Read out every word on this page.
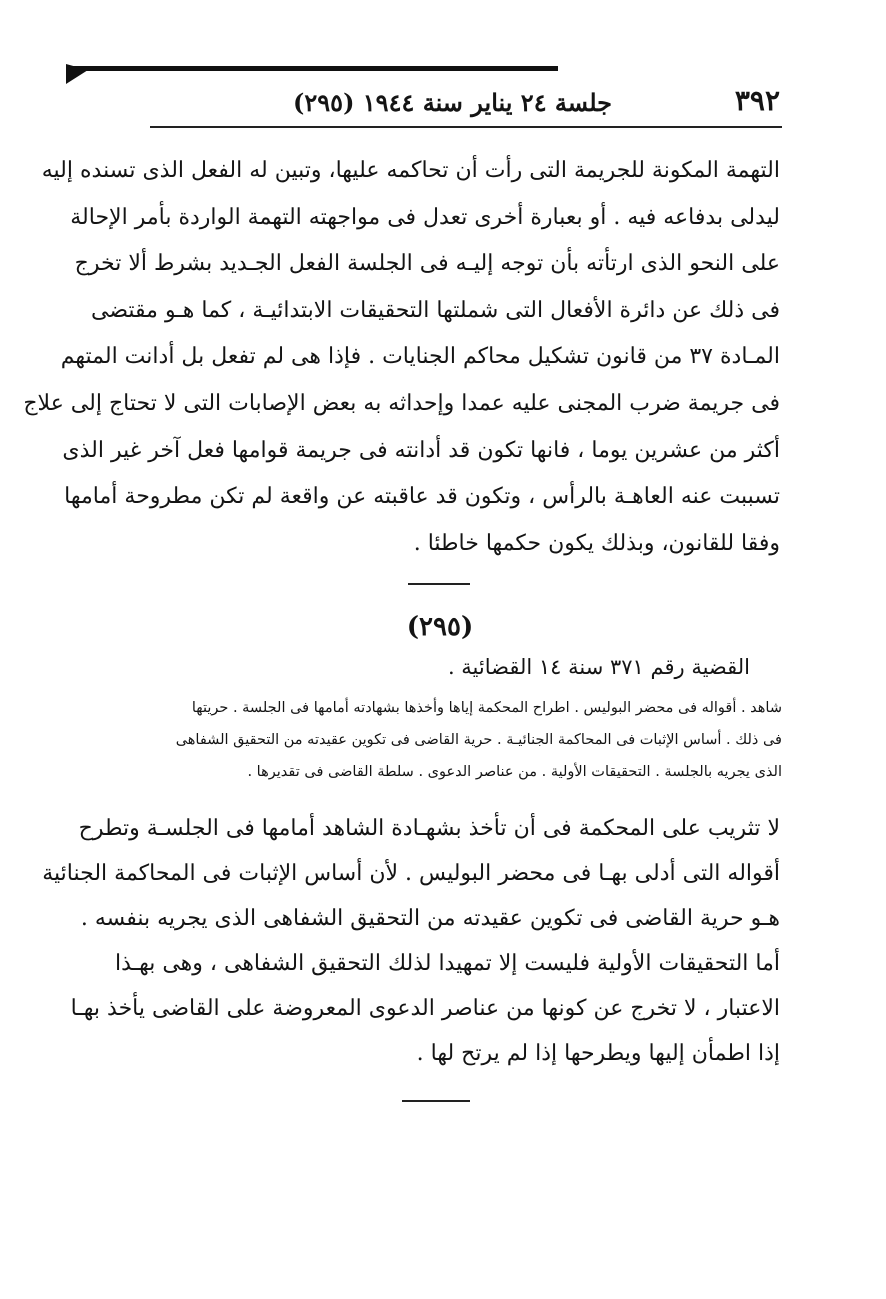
٣٩٢
جلسة ٢٤ يناير سنة ١٩٤٤ (٢٩٥)
التهمة المكونة للجريمة التى رأت أن تحاكمه عليها، وتبين له الفعل الذى تسنده إليه
ليدلى بدفاعه فيه . أو بعبارة أخرى تعدل فى مواجهته التهمة الواردة بأمر الإحالة
على النحو الذى ارتأته بأن توجه إليـه فى الجلسة الفعل الجـديد بشرط ألا تخرج
فى ذلك عن دائرة الأفعال التى شملتها التحقيقات الابتدائيـة ، كما هـو مقتضى
المـادة ٣٧ من قانون تشكيل محاكم الجنايات . فإذا هى لم تفعل بل أدانت المتهم
فى جريمة ضرب المجنى عليه عمدا وإحداثه به بعض الإصابات التى لا تحتاج إلى علاج
أكثر من عشرين يوما ، فانها تكون قد أدانته فى جريمة قوامها فعل آخر غير الذى
تسببت عنه العاهـة بالرأس ، وتكون قد عاقبته عن واقعة لم تكن مطروحة أمامها
وفقا للقانون، وبذلك يكون حكمها خاطئا .
(٢٩٥)
القضية رقم ٣٧١ سنة ١٤ القضائية .
شاهد . أقواله فى محضر البوليس . اطراح المحكمة إياها وأخذها بشهادته أمامها فى الجلسة . حريتها
فى ذلك . أساس الإثبات فى المحاكمة الجنائيـة . حرية القاضى فى تكوين عقيدته من التحقيق الشفاهى
الذى يجريه بالجلسة . التحقيقات الأولية . من عناصر الدعوى . سلطة القاضى فى تقديرها .
لا تثريب على المحكمة فى أن تأخذ بشهـادة الشاهد أمامها فى الجلسـة وتطرح
أقواله التى أدلى بهـا فى محضر البوليس . لأن أساس الإثبات فى المحاكمة الجنائية
هـو حرية القاضى فى تكوين عقيدته من التحقيق الشفاهى الذى يجريه بنفسه .
أما التحقيقات الأولية فليست إلا تمهيدا لذلك التحقيق الشفاهى ، وهى بهـذا
الاعتبار ، لا تخرج عن كونها من عناصر الدعوى المعروضة على القاضى يأخذ بهـا
إذا اطمأن إليها ويطرحها إذا لم يرتح لها .
